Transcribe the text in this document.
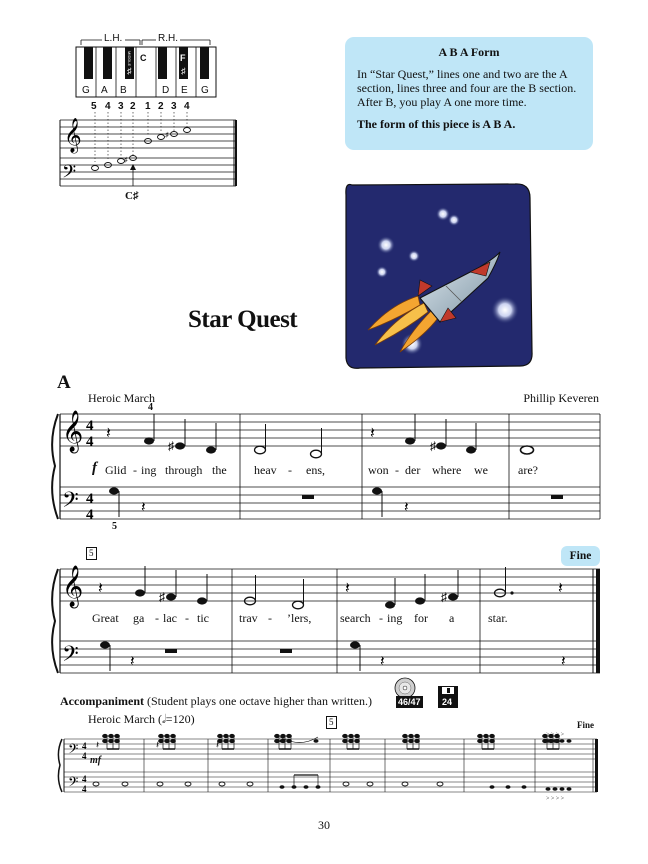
L.H.	R.H.
MIDDLE C
♯
F
♯
G A B	D E G
5 4 3 2 1 2 3 4
𝄞
𝄢
♯
♯
C♯
A B A Form

In “Star Quest,” lines one and two are the A section, lines three and four are the B section. After B, you play A one more time.

The form of this piece is A B A.

Star Quest
A
Heroic March	Phillip Keveren
𝄞
𝄢
4
4
4
4
𝄽
♯
𝄽
♯
𝄽	𝄽
4
5
f Glid - ing through the heav - ens,	won - der where we	are?
5	Fine
𝄞
𝄢
𝄽	♯	𝄽	♯	𝄽
𝄽	𝄽	𝄽
Great ga - lac - tic	trav - ’lers, search - ing for a	star.
Accompaniment (Student plays one octave higher than written.)	46/47 24
Heroic March (𝅗𝅥=120)	5	Fine
𝄢
𝄢
4
4
4
4
𝄽	𝄽	𝄽
> > > >
> > > >
mf
30
